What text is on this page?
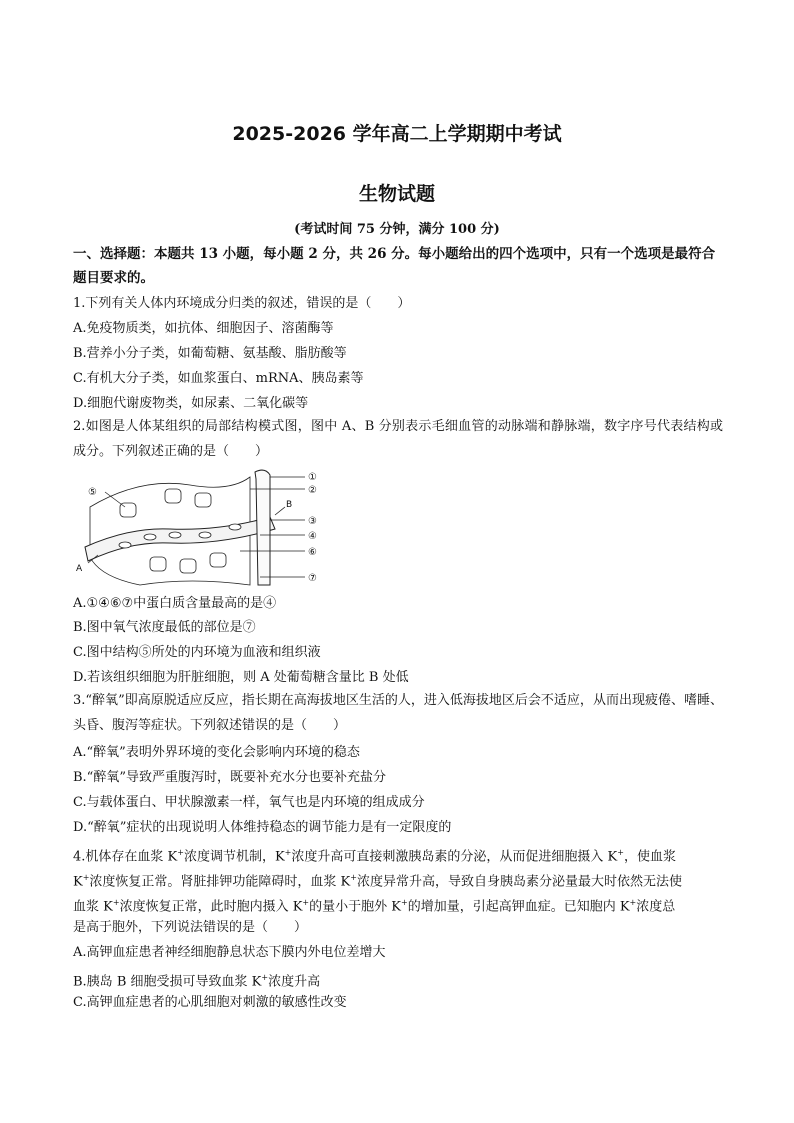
2025-2026 学年高二上学期期中考试
生物试题
(考试时间 75 分钟，满分 100 分)
一、选择题：本题共 13 小题，每小题 2 分，共 26 分。每小题给出的四个选项中，只有一个选项是最符合题目要求的。
1.下列有关人体内环境成分归类的叙述，错误的是（　　）
A.免疫物质类，如抗体、细胞因子、溶菌酶等
B.营养小分子类，如葡萄糖、氨基酸、脂肪酸等
C.有机大分子类，如血浆蛋白、mRNA、胰岛素等
D.细胞代谢废物类，如尿素、二氧化碳等
2.如图是人体某组织的局部结构模式图，图中 A、B 分别表示毛细血管的动脉端和静脉端，数字序号代表结构或成分。下列叙述正确的是（　　）
①
②
③
④
⑤
⑥
⑦
A
B
A.①④⑥⑦中蛋白质含量最高的是④
B.图中氧气浓度最低的部位是⑦
C.图中结构⑤所处的内环境为血液和组织液
D.若该组织细胞为肝脏细胞，则 A 处葡萄糖含量比 B 处低
3.“醉氧”即高原脱适应反应，指长期在高海拔地区生活的人，进入低海拔地区后会不适应，从而出现疲倦、嗜睡、头昏、腹泻等症状。下列叙述错误的是（　　）
A.“醉氧”表明外界环境的变化会影响内环境的稳态
B.“醉氧”导致严重腹泻时，既要补充水分也要补充盐分
C.与载体蛋白、甲状腺激素一样，氧气也是内环境的组成成分
D.“醉氧”症状的出现说明人体维持稳态的调节能力是有一定限度的
4.机体存在血浆 K+浓度调节机制，K+浓度升高可直接刺激胰岛素的分泌，从而促进细胞摄入 K+，使血浆
K+浓度恢复正常。肾脏排钾功能障碍时，血浆 K+浓度异常升高，导致自身胰岛素分泌量最大时依然无法使
血浆 K+浓度恢复正常，此时胞内摄入 K+的量小于胞外 K+的增加量，引起高钾血症。已知胞内 K+浓度总
是高于胞外，下列说法错误的是（　　）
A.高钾血症患者神经细胞静息状态下膜内外电位差增大
B.胰岛 B 细胞受损可导致血浆 K+浓度升高
C.高钾血症患者的心肌细胞对刺激的敏感性改变
